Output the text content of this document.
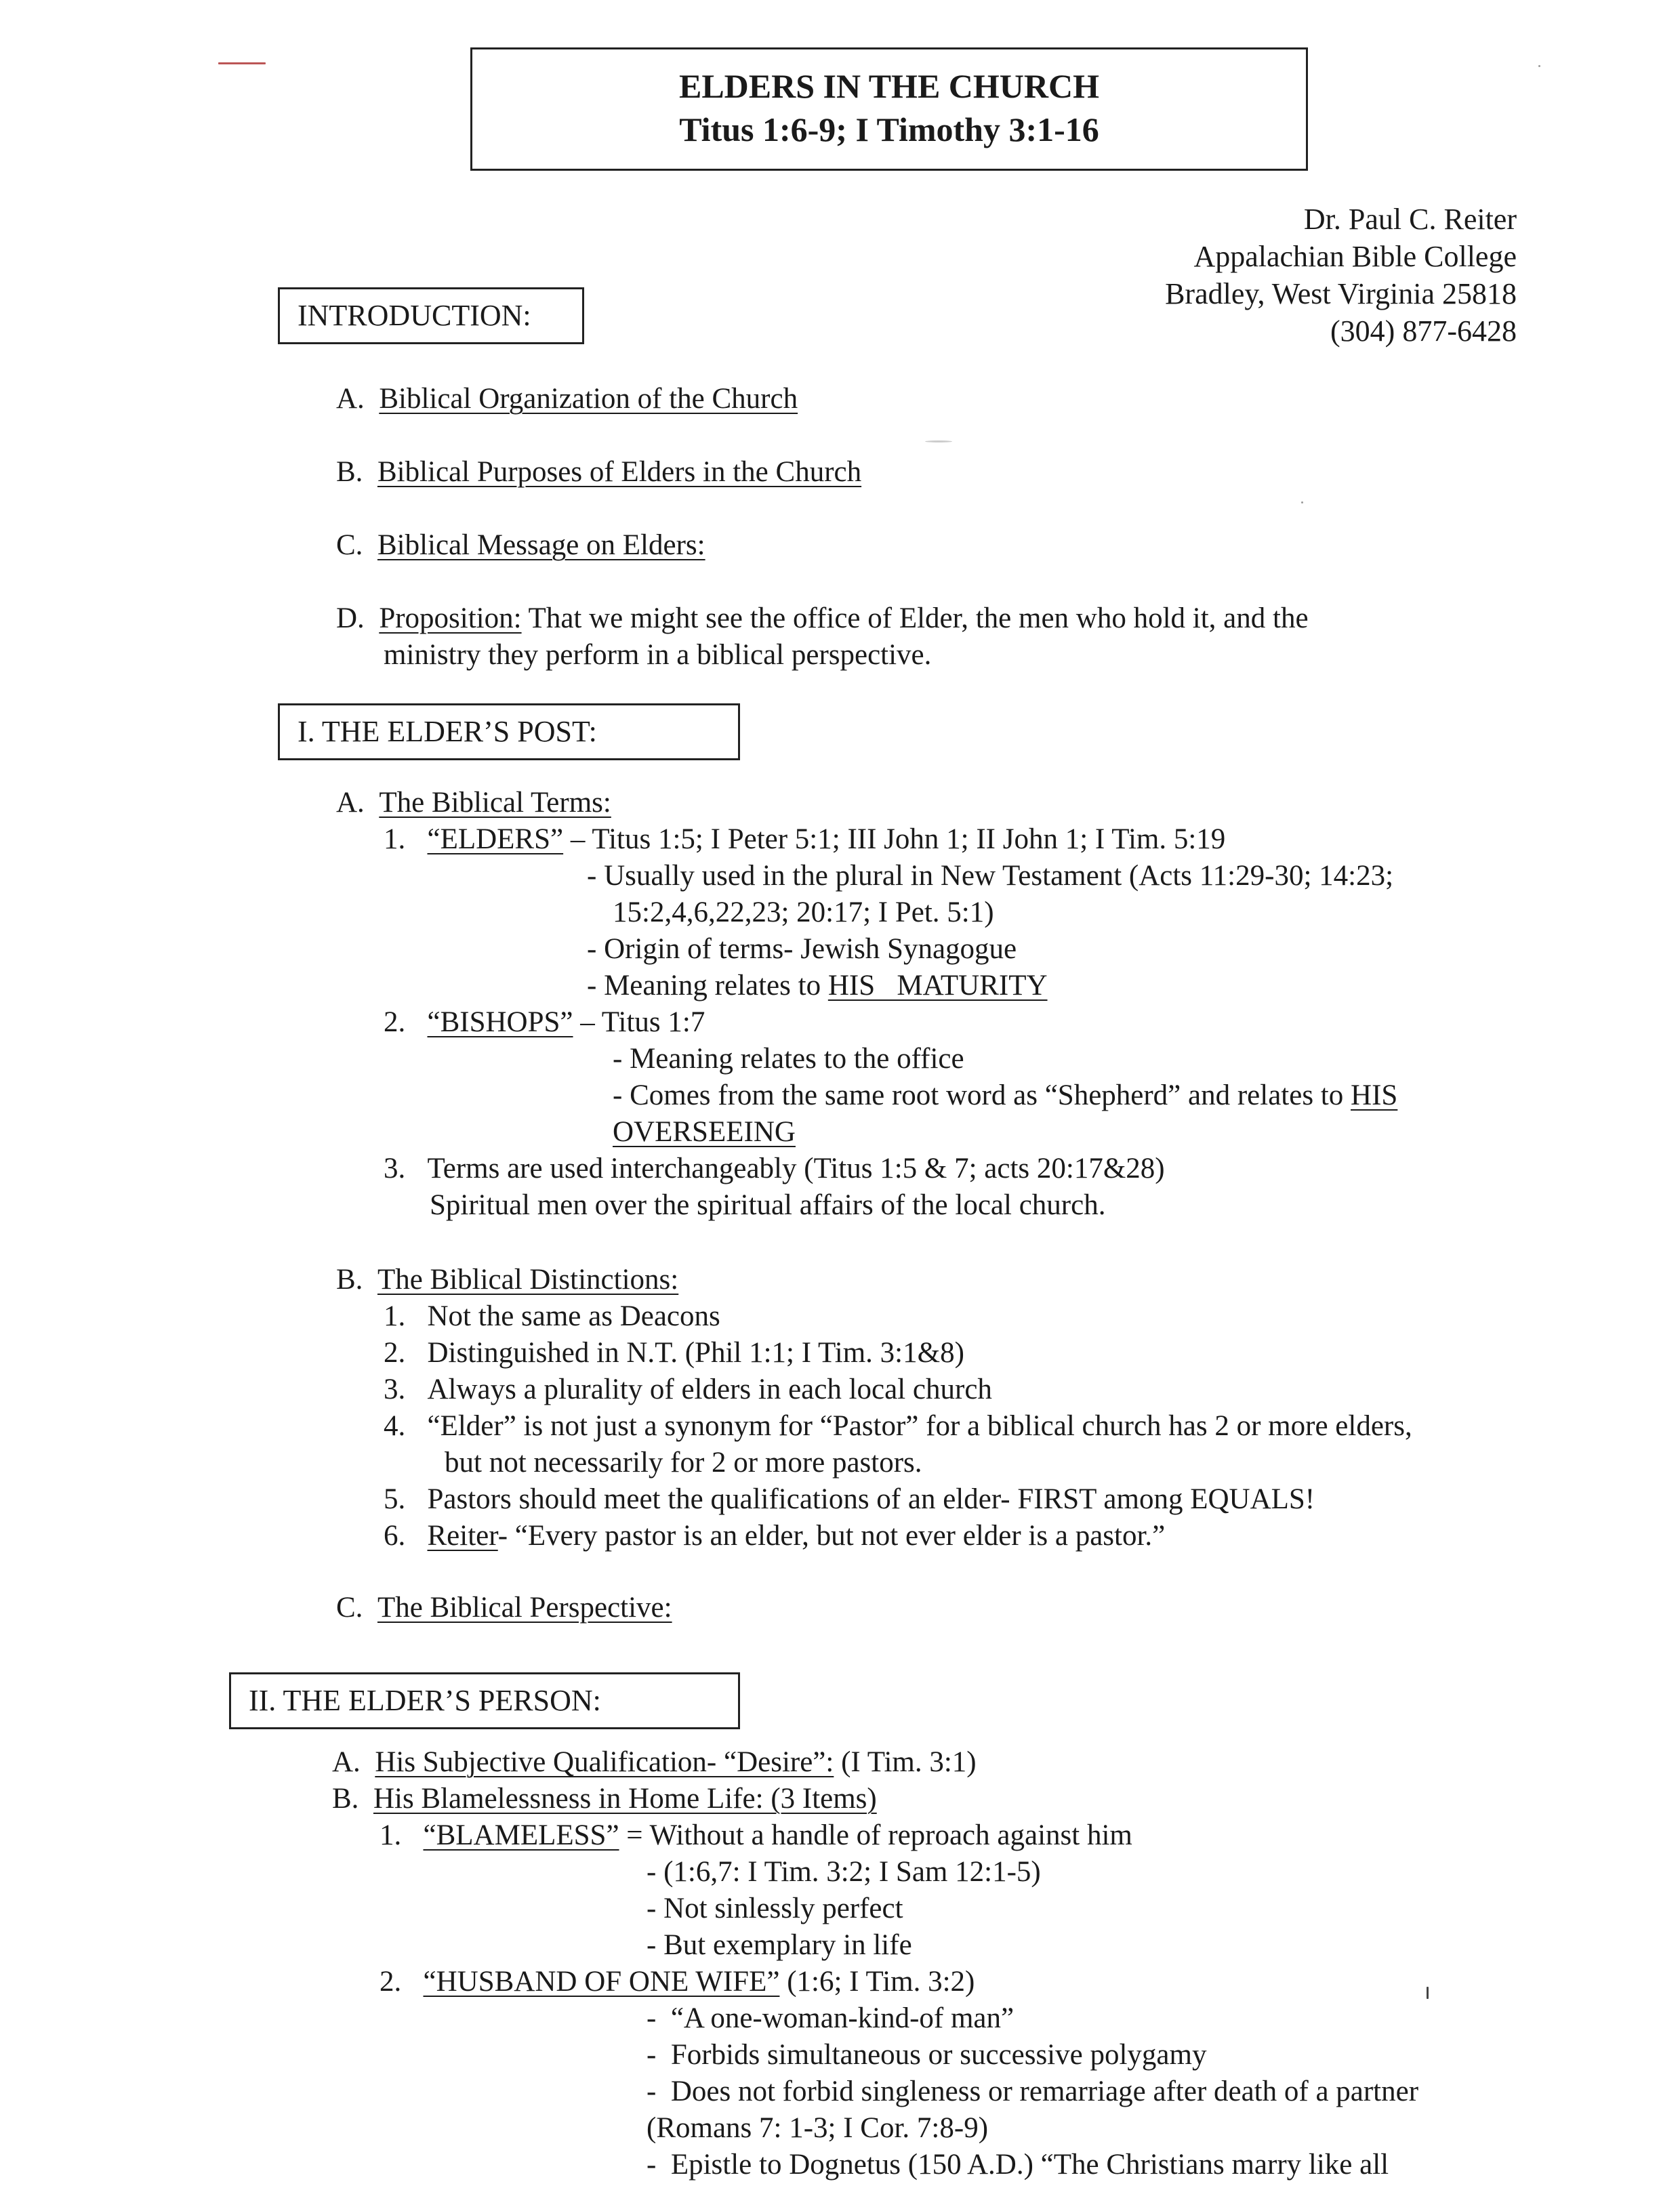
ELDERS IN THE CHURCH
Titus 1:6-9; I Timothy 3:1-16
Dr. Paul C. Reiter
Appalachian Bible College
Bradley, West Virginia 25818
(304) 877-6428
INTRODUCTION:
A. Biblical Organization of the Church
B. Biblical Purposes of Elders in the Church
C. Biblical Message on Elders:
D. Proposition: That we might see the office of Elder, the men who hold it, and the
ministry they perform in a biblical perspective.
I. THE ELDER’S POST:
A. The Biblical Terms:
1. “ELDERS” – Titus 1:5; I Peter 5:1; III John 1; II John 1; I Tim. 5:19
- Usually used in the plural in New Testament (Acts 11:29-30; 14:23;
15:2,4,6,22,23; 20:17; I Pet. 5:1)
- Origin of terms- Jewish Synagogue
- Meaning relates to HIS   MATURITY
2. “BISHOPS” – Titus 1:7
- Meaning relates to the office
- Comes from the same root word as “Shepherd” and relates to HIS
OVERSEEING
3. Terms are used interchangeably (Titus 1:5 & 7; acts 20:17&28)
Spiritual men over the spiritual affairs of the local church.
B. The Biblical Distinctions:
1. Not the same as Deacons
2. Distinguished in N.T. (Phil 1:1; I Tim. 3:1&8)
3. Always a plurality of elders in each local church
4. “Elder” is not just a synonym for “Pastor” for a biblical church has 2 or more elders,
but not necessarily for 2 or more pastors.
5. Pastors should meet the qualifications of an elder- FIRST among EQUALS!
6. Reiter- “Every pastor is an elder, but not ever elder is a pastor.”
C. The Biblical Perspective:
II. THE ELDER’S PERSON:
A. His Subjective Qualification- “Desire”: (I Tim. 3:1)
B. His Blamelessness in Home Life: (3 Items)
1. “BLAMELESS” = Without a handle of reproach against him
- (1:6,7: I Tim. 3:2; I Sam 12:1-5)
- Not sinlessly perfect
- But exemplary in life
2. “HUSBAND OF ONE WIFE” (1:6; I Tim. 3:2)
-  “A one-woman-kind-of man”
-  Forbids simultaneous or successive polygamy
-  Does not forbid singleness or remarriage after death of a partner
(Romans 7: 1-3; I Cor. 7:8-9)
-  Epistle to Dognetus (150 A.D.) “The Christians marry like all
